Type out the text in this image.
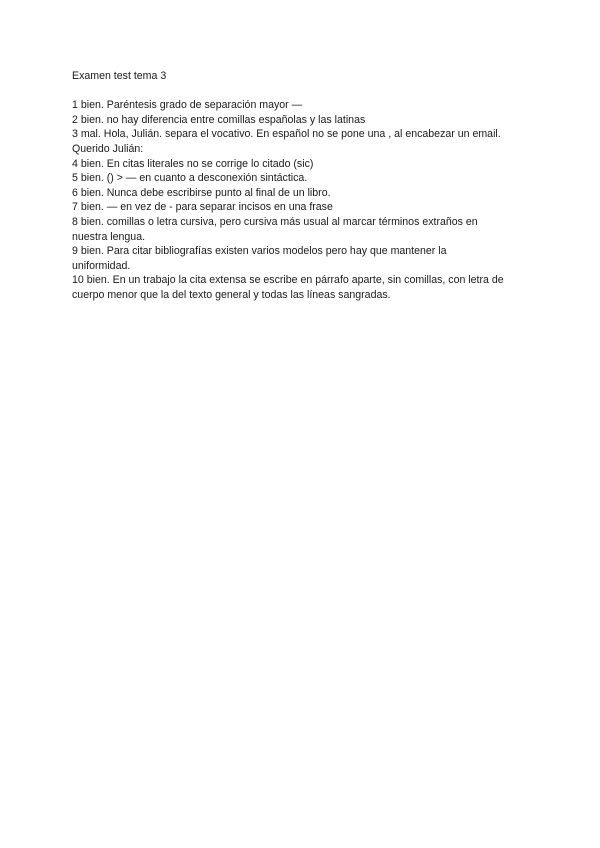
Examen test tema 3

1 bien. Paréntesis grado de separación mayor —
2 bien. no hay diferencia entre comillas españolas y las latinas
3 mal. Hola, Julián. separa el vocativo. En español no se pone una , al encabezar un email.
Querido Julián:
4 bien. En citas literales no se corrige lo citado (sic)
5 bien. () > — en cuanto a desconexión sintáctica.
6 bien. Nunca debe escribirse punto al final de un libro.
7 bien. — en vez de - para separar incisos en una frase
8 bien. comillas o letra cursiva, pero cursiva más usual al marcar términos extraños en
nuestra lengua.
9 bien. Para citar bibliografías existen varios modelos pero hay que mantener la
uniformidad.
10 bien. En un trabajo la cita extensa se escribe en párrafo aparte, sin comillas, con letra de
cuerpo menor que la del texto general y todas las líneas sangradas.
